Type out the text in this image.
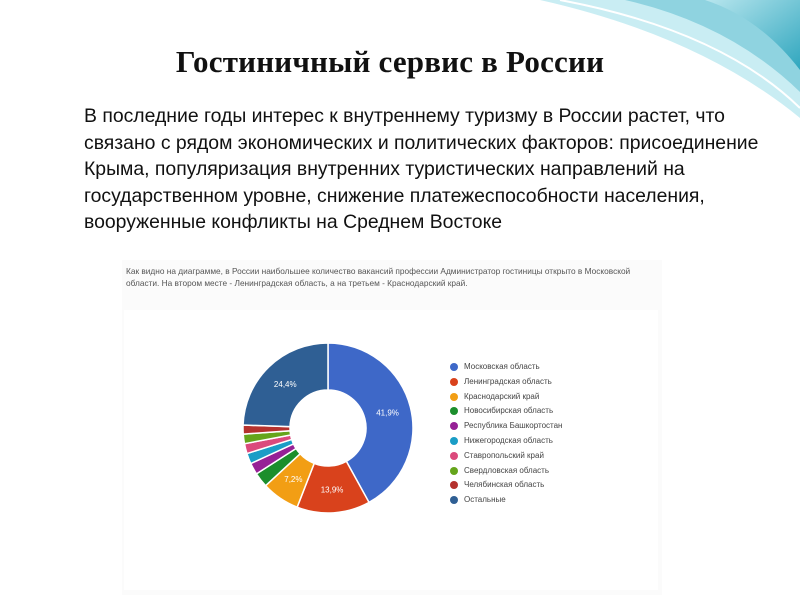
Гостиничный сервис в России
В последние годы интерес к внутреннему туризму в России растет, что связано с рядом экономических и политических факторов: присоединение Крыма, популяризация внутренних туристических направлений на государственном уровне, снижение платежеспособности населения, вооруженные конфликты на Среднем Востоке
Как видно на диаграмме, в России наибольшее количество вакансий профессии Администратор гостиницы открыто в Московской области. На втором месте - Ленинградская область, а на третьем - Краснодарский край.
41,9%
13,9%
7,2%
24,4%
Московская область
Ленинградская область
Краснодарский край
Новосибирская область
Республика Башкортостан
Нижегородская область
Ставропольский край
Свердловская область
Челябинская область
Остальные
